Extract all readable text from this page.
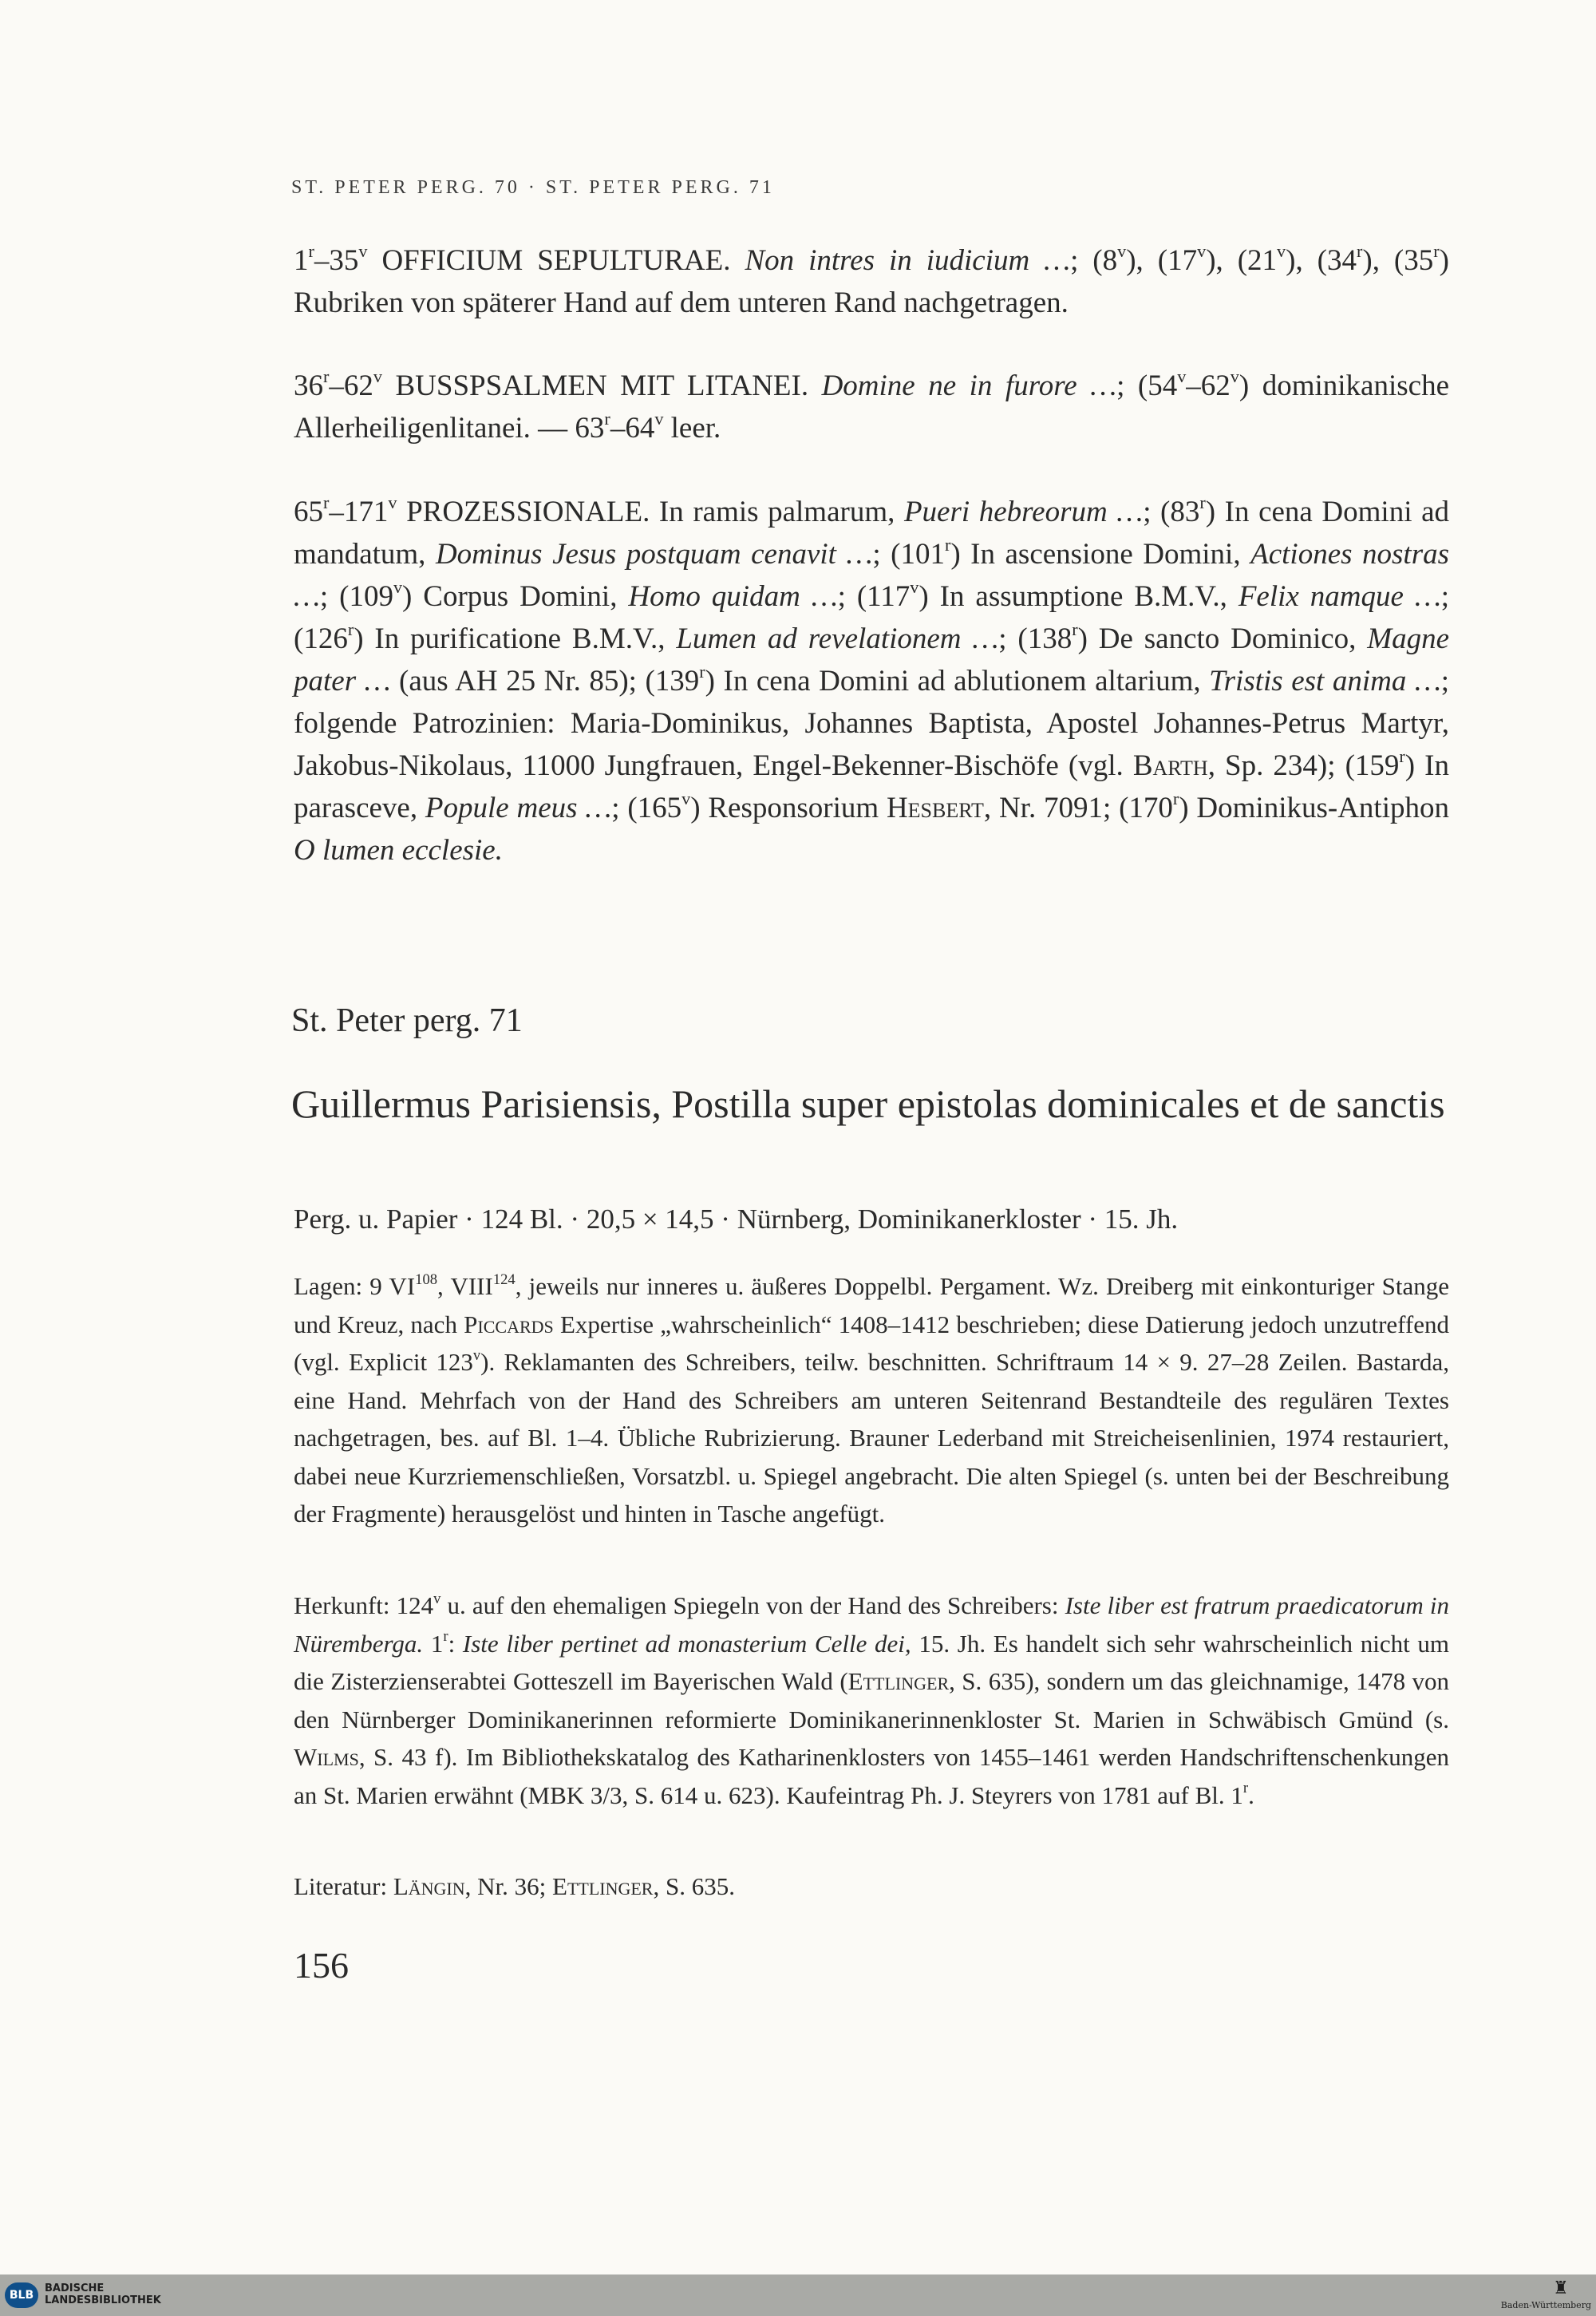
ST. PETER PERG. 70 · ST. PETER PERG. 71
1$^r$–35$^v$ OFFICIUM SEPULTURAE. Non intres in iudicium …; (8$^v$), (17$^v$), (21$^v$), (34$^r$), (35$^r$) Rubriken von späterer Hand auf dem unteren Rand nachgetragen.
36$^r$–62$^v$ BUSSPSALMEN MIT LITANEI. Domine ne in furore …; (54$^v$–62$^v$) dominikanische Allerheiligenlitanei. — 63$^r$–64$^v$ leer.
65$^r$–171$^v$ PROZESSIONALE. In ramis palmarum, Pueri hebreorum …; (83$^r$) In cena Domini ad mandatum, Dominus Jesus postquam cenavit …; (101$^r$) In ascensione Domini, Actiones nostras …; (109$^v$) Corpus Domini, Homo quidam …; (117$^v$) In assumptione B.M.V., Felix namque …; (126$^r$) In purificatione B.M.V., Lumen ad revelationem …; (138$^r$) De sancto Dominico, Magne pater … (aus AH 25 Nr. 85); (139$^r$) In cena Domini ad ablutionem altarium, Tristis est anima …; folgende Patrozinien: Maria-Dominikus, Johannes Baptista, Apostel Johannes-Petrus Martyr, Jakobus-Nikolaus, 11000 Jungfrauen, Engel-Bekenner-Bischöfe (vgl. Barth, Sp. 234); (159$^r$) In parasceve, Popule meus …; (165$^v$) Responsorium Hesbert, Nr. 7091; (170$^r$) Dominikus-Antiphon O lumen ecclesie.
St. Peter perg. 71
Guillermus Parisiensis, Postilla super epistolas dominicales et de sanctis
Perg. u. Papier · 124 Bl. · 20,5 × 14,5 · Nürnberg, Dominikanerkloster · 15. Jh.
Lagen: 9 VI$^{108}$, VIII$^{124}$, jeweils nur inneres u. äußeres Doppelbl. Pergament. Wz. Dreiberg mit einkonturiger Stange und Kreuz, nach Piccards Expertise „wahrscheinlich“ 1408–1412 beschrieben; diese Datierung jedoch unzutreffend (vgl. Explicit 123$^v$). Reklamanten des Schreibers, teilw. beschnitten. Schriftraum 14 × 9. 27–28 Zeilen. Bastarda, eine Hand. Mehrfach von der Hand des Schreibers am unteren Seitenrand Bestandteile des regulären Textes nachgetragen, bes. auf Bl. 1–4. Übliche Rubrizierung. Brauner Lederband mit Streicheisenlinien, 1974 restauriert, dabei neue Kurzriemenschließen, Vorsatzbl. u. Spiegel angebracht. Die alten Spiegel (s. unten bei der Beschreibung der Fragmente) herausgelöst und hinten in Tasche angefügt.
Herkunft: 124$^v$ u. auf den ehemaligen Spiegeln von der Hand des Schreibers: Iste liber est fratrum praedicatorum in Nüremberga. 1$^r$: Iste liber pertinet ad monasterium Celle dei, 15. Jh. Es handelt sich sehr wahrscheinlich nicht um die Zisterzienserabtei Gotteszell im Bayerischen Wald (Ettlinger, S. 635), sondern um das gleichnamige, 1478 von den Nürnberger Dominikanerinnen reformierte Dominikanerinnenkloster St. Marien in Schwäbisch Gmünd (s. Wilms, S. 43 f). Im Bibliothekskatalog des Katharinenklosters von 1455–1461 werden Handschriftenschenkungen an St. Marien erwähnt (MBK 3/3, S. 614 u. 623). Kaufeintrag Ph. J. Steyrers von 1781 auf Bl. 1$^r$.
Literatur: Längin, Nr. 36; Ettlinger, S. 635.
156
BLB
BADISCHE
LANDESBIBLIOTHEK
♜
Baden-Württemberg
